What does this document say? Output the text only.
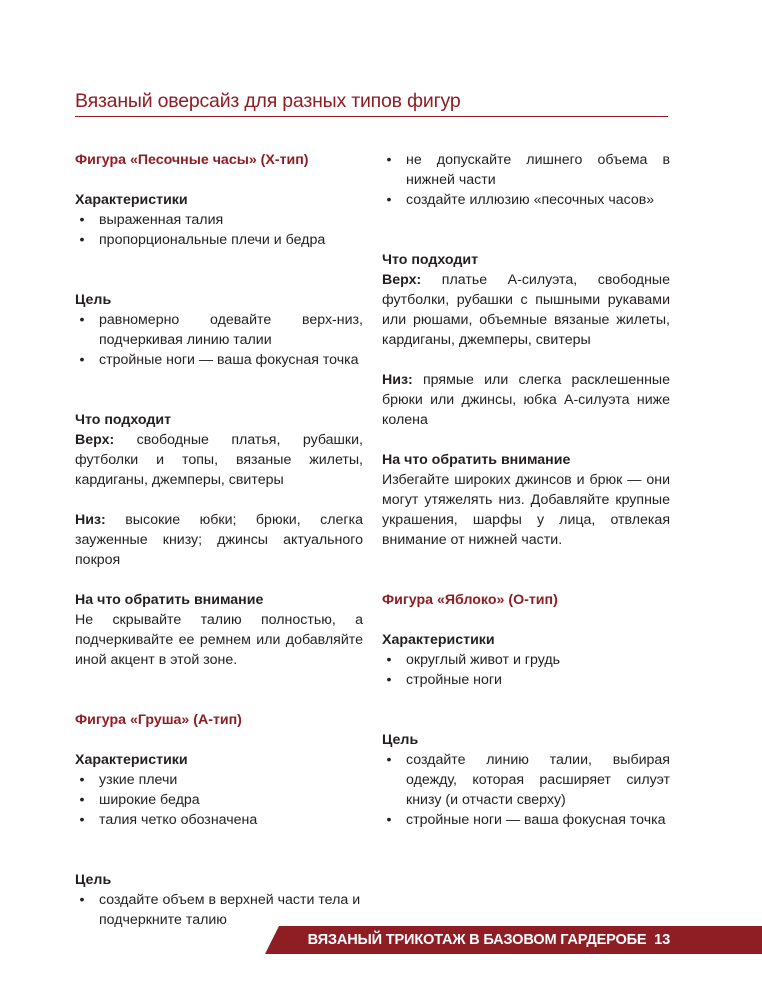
Вязаный оверсайз для разных типов фигур
Фигура «Песочные часы» (Х-тип)
Характеристики
•	выраженная талия
•	пропорциональные плечи и бедра
Цель
•	равномерно одевайте верх-низ, подчеркивая линию талии
•	стройные ноги — ваша фокусная точка
Что подходит
Верх: свободные платья, рубашки, футболки и топы, вязаные жилеты, кардиганы, джемперы, свитеры
Низ: высокие юбки; брюки, слегка зауженные книзу; джинсы актуального покроя
На что обратить внимание
Не скрывайте талию полностью, а подчеркивайте ее ремнем или добавляйте иной акцент в этой зоне.
Фигура «Груша» (А-тип)
Характеристики
•	узкие плечи
•	широкие бедра
•	талия четко обозначена
Цель
•	создайте объем в верхней части тела и подчеркните талию
•	не допускайте лишнего объема в нижней части
•	создайте иллюзию «песочных часов»
Что подходит
Верх: платье А-силуэта, свободные футболки, рубашки с пышными рукавами или рюшами, объемные вязаные жилеты, кардиганы, джемперы, свитеры
Низ: прямые или слегка расклешенные брюки или джинсы, юбка А-силуэта ниже колена
На что обратить внимание
Избегайте широких джинсов и брюк — они могут утяжелять низ. Добавляйте крупные украшения, шарфы у лица, отвлекая внимание от нижней части.
Фигура «Яблоко» (О-тип)
Характеристики
•	округлый живот и грудь
•	стройные ноги
Цель
•	создайте линию талии, выбирая одежду, которая расширяет силуэт книзу (и отчасти сверху)
•	стройные ноги — ваша фокусная точка
ВЯЗАНЫЙ ТРИКОТАЖ В БАЗОВОМ ГАРДЕРОБЕ 13
